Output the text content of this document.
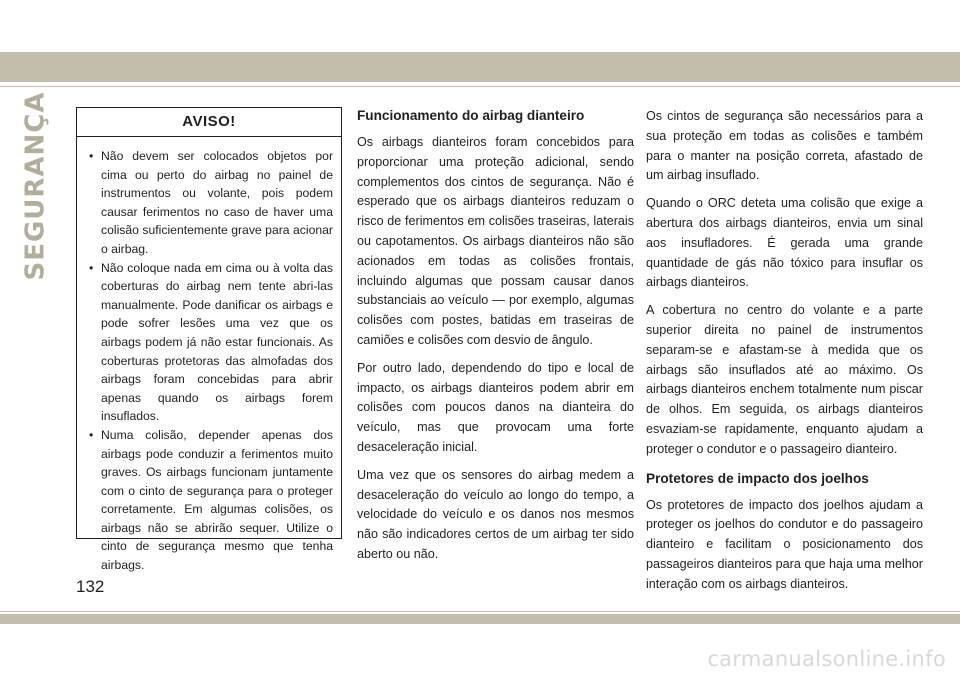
SEGURANÇA	AVISO!
• Não devem ser colocados objetos por cima ou perto do airbag no painel de instrumentos ou volante, pois podem causar ferimentos no caso de haver uma colisão suficientemente grave para acionar o airbag.
• Não coloque nada em cima ou à volta das coberturas do airbag nem tente abri-las manualmente. Pode danificar os airbags e pode sofrer lesões uma vez que os airbags podem já não estar funcionais. As coberturas protetoras das almofadas dos airbags foram concebidas para abrir apenas quando os airbags forem insuflados.
• Numa colisão, depender apenas dos airbags pode conduzir a ferimentos muito graves. Os airbags funcionam juntamente com o cinto de segurança para o proteger corretamente. Em algumas colisões, os airbags não se abrirão sequer. Utilize o cinto de segurança mesmo que tenha airbags.
Funcionamento do airbag dianteiro

Os airbags dianteiros foram concebidos para proporcionar uma proteção adicional, sendo complementos dos cintos de segurança. Não é esperado que os airbags dianteiros reduzam o risco de ferimentos em colisões traseiras, laterais ou capotamentos. Os airbags dianteiros não são acionados em todas as colisões frontais, incluindo algumas que possam causar danos substanciais ao veículo — por exemplo, algumas colisões com postes, batidas em traseiras de camiões e colisões com desvio de ângulo.

Por outro lado, dependendo do tipo e local de impacto, os airbags dianteiros podem abrir em colisões com poucos danos na dianteira do veículo, mas que provocam uma forte desaceleração inicial.

Uma vez que os sensores do airbag medem a desaceleração do veículo ao longo do tempo, a velocidade do veículo e os danos nos mesmos não são indicadores certos de um airbag ter sido aberto ou não.

Os cintos de segurança são necessários para a sua proteção em todas as colisões e também para o manter na posição correta, afastado de um airbag insuflado.

Quando o ORC deteta uma colisão que exige a abertura dos airbags dianteiros, envia um sinal aos insufladores. É gerada uma grande quantidade de gás não tóxico para insuflar os airbags dianteiros.

A cobertura no centro do volante e a parte superior direita no painel de instrumentos separam-se e afastam-se à medida que os airbags são insuflados até ao máximo. Os airbags dianteiros enchem totalmente num piscar de olhos. Em seguida, os airbags dianteiros esvaziam-se rapidamente, enquanto ajudam a proteger o condutor e o passageiro dianteiro.

Protetores de impacto dos joelhos

Os protetores de impacto dos joelhos ajudam a proteger os joelhos do condutor e do passageiro dianteiro e facilitam o posicionamento dos passageiros dianteiros para que haja uma melhor interação com os airbags dianteiros.

132
carmanualsonline.info
